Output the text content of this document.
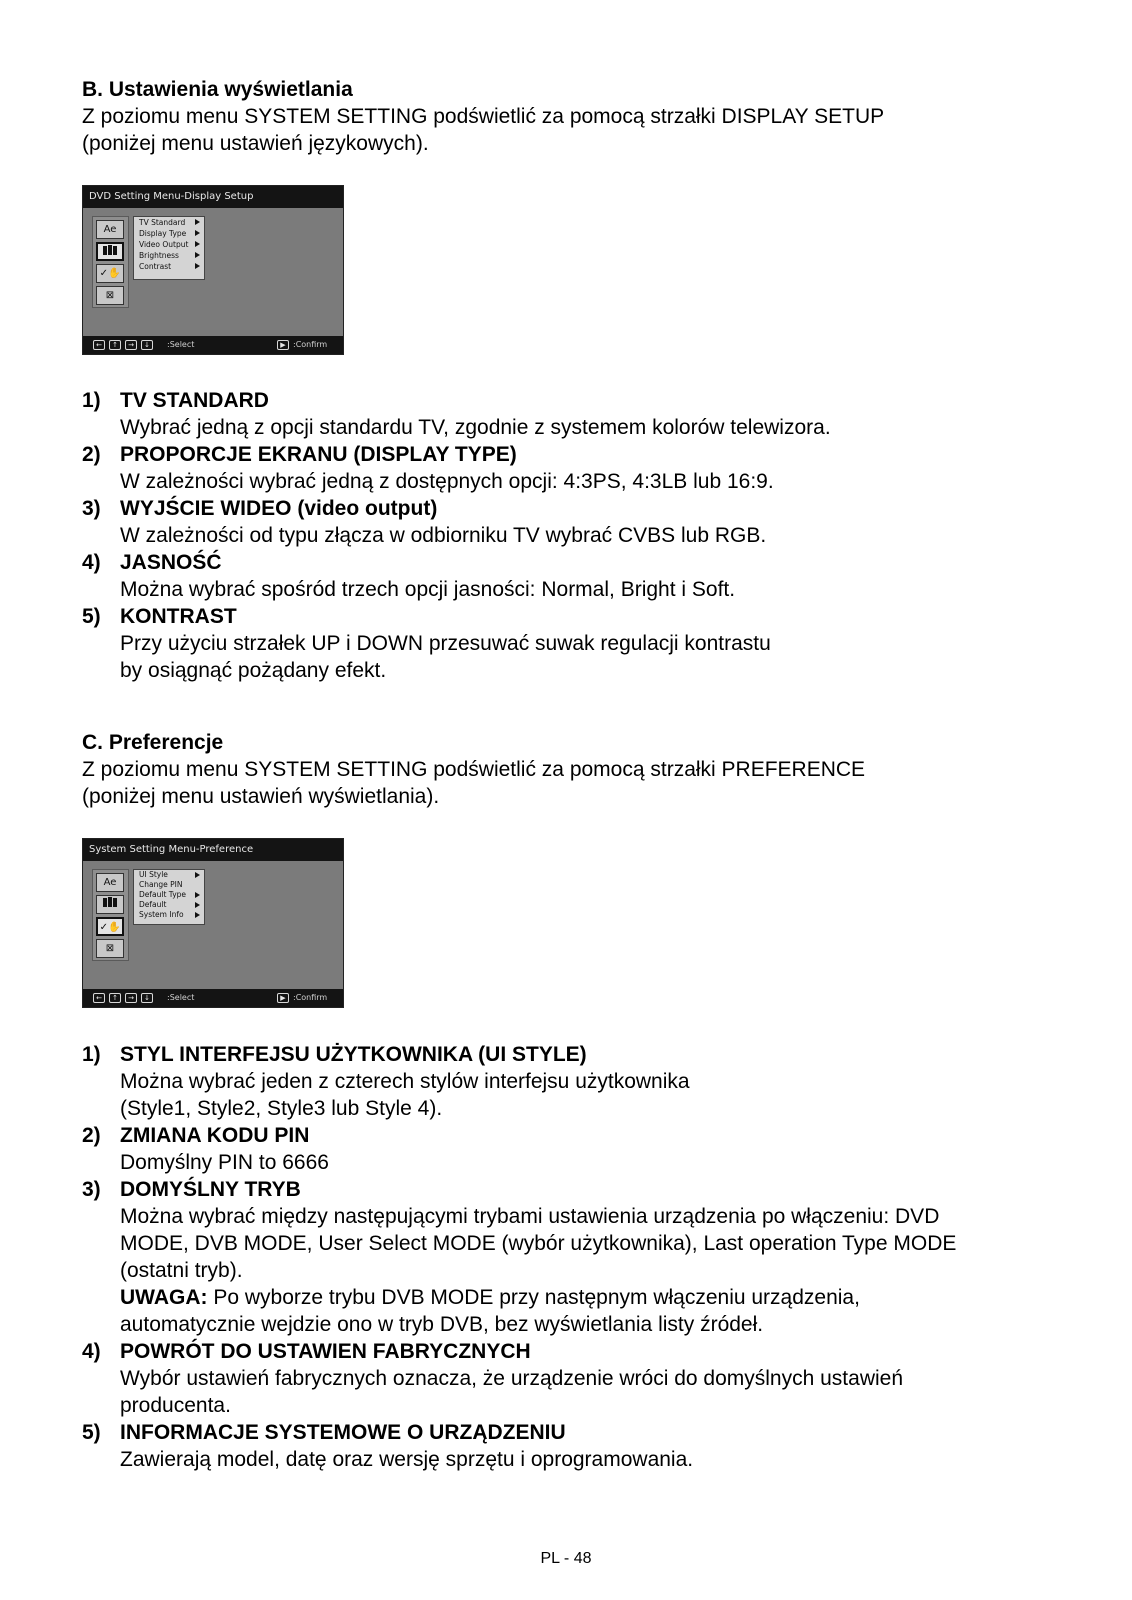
B. Ustawienia wyświetlania
Z poziomu menu SYSTEM SETTING podświetlić za pomocą strzałki DISPLAY SETUP
(poniżej menu ustawień językowych).
DVD Setting Menu-Display Setup
Ae
✓✋
⊠
TV Standard
Display Type
Video Output
Brightness
Contrast
←	↑	→	↓	:Select	▶ :Confirm
1) TV STANDARD
Wybrać jedną z opcji standardu TV, zgodnie z systemem kolorów telewizora.
2) PROPORCJE EKRANU (DISPLAY TYPE)
W zależności wybrać jedną z dostępnych opcji: 4:3PS, 4:3LB lub 16:9.
3) WYJŚCIE WIDEO (video output)
W zależności od typu złącza w odbiorniku TV wybrać CVBS lub RGB.
4) JASNOŚĆ
Można wybrać spośród trzech opcji jasności: Normal, Bright i Soft.
5) KONTRAST
Przy użyciu strzałek UP i DOWN przesuwać suwak regulacji kontrastu
by osiągnąć pożądany efekt.
C. Preferencje
Z poziomu menu SYSTEM SETTING podświetlić za pomocą strzałki PREFERENCE
(poniżej menu ustawień wyświetlania).
System Setting Menu-Preference
Ae
✓✋
⊠
UI Style
Change PIN
Default Type
Default
System Info
←	↑	→	↓	:Select	▶ :Confirm
1) STYL INTERFEJSU UŻYTKOWNIKA (UI STYLE)
Można wybrać jeden z czterech stylów interfejsu użytkownika
(Style1, Style2, Style3 lub Style 4).
2) ZMIANA KODU PIN
Domyślny PIN to 6666
3) DOMYŚLNY TRYB
Można wybrać między następującymi trybami ustawienia urządzenia po włączeniu: DVD
MODE, DVB MODE, User Select MODE (wybór użytkownika), Last operation Type MODE
(ostatni tryb).
UWAGA: Po wyborze trybu DVB MODE przy następnym włączeniu urządzenia,
automatycznie wejdzie ono w tryb DVB, bez wyświetlania listy źródeł.
4) POWRÓT DO USTAWIEN FABRYCZNYCH
Wybór ustawień fabrycznych oznacza, że urządzenie wróci do domyślnych ustawień
producenta.
5) INFORMACJE SYSTEMOWE O URZĄDZENIU
Zawierają model, datę oraz wersję sprzętu i oprogramowania.
PL - 48
